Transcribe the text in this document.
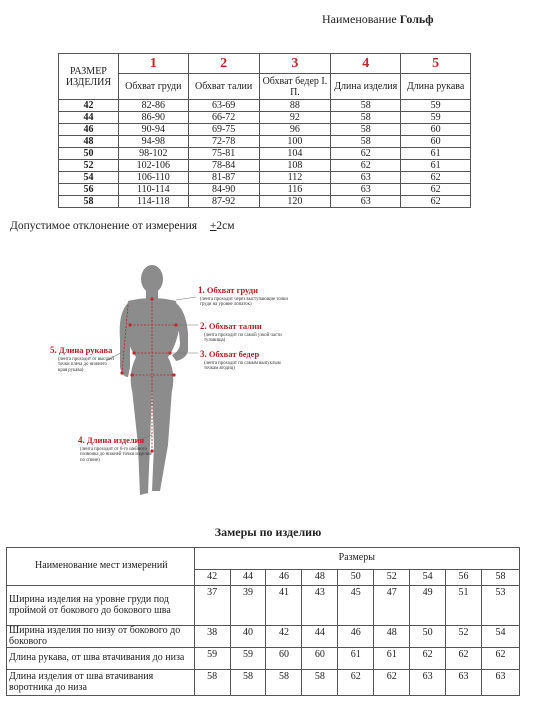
Наименование Гольф
РАЗМЕР
ИЗДЕЛИЯ	1	2	3	4	5
	Обхват груди	Обхват талии	Обхват бедер I. П.	Длина изделия	Длина рукава
42	82-86	63-69	88	58	59
44	86-90	66-72	92	58	59
46	90-94	69-75	96	58	60
48	94-98	72-78	100	58	60
50	98-102	75-81	104	62	61
52	102-106	78-84	108	62	61
54	106-110	81-87	112	63	62
56	110-114	84-90	116	63	62
58	114-118	87-92	120	63	62
Допустимое отклонение от измерения +2см
1. Обхват груди
(лента проходит через выступающие точки груди на уровне лопаток)
2. Обхват талии
(лента проходит по самой узкой части туловища)
3. Обхват бедер
(лента проходит по самым выпуклым точкам ягодиц)
5. Длина рукава
(лента проходит от высшей точки плеча до нижнего края рукава)
4. Длина изделия
(лента проходит от 6-го шейного позвонка до нижней точки изделия по спине)
Замеры по изделию
Наименование мест измерений	Размеры								
	42	44	46	48	50	52	54	56	58
Ширина изделия на уровне груди под проймой от бокового до бокового шва	37	39	41	43	45	47	49	51	53
Ширина изделия по низу от бокового до бокового	38	40	42	44	46	48	50	52	54
Длина рукава, от шва втачивания до низа	59	59	60	60	61	61	62	62	62
Длина изделия от шва втачивания воротника до низа	58	58	58	58	62	62	63	63	63
